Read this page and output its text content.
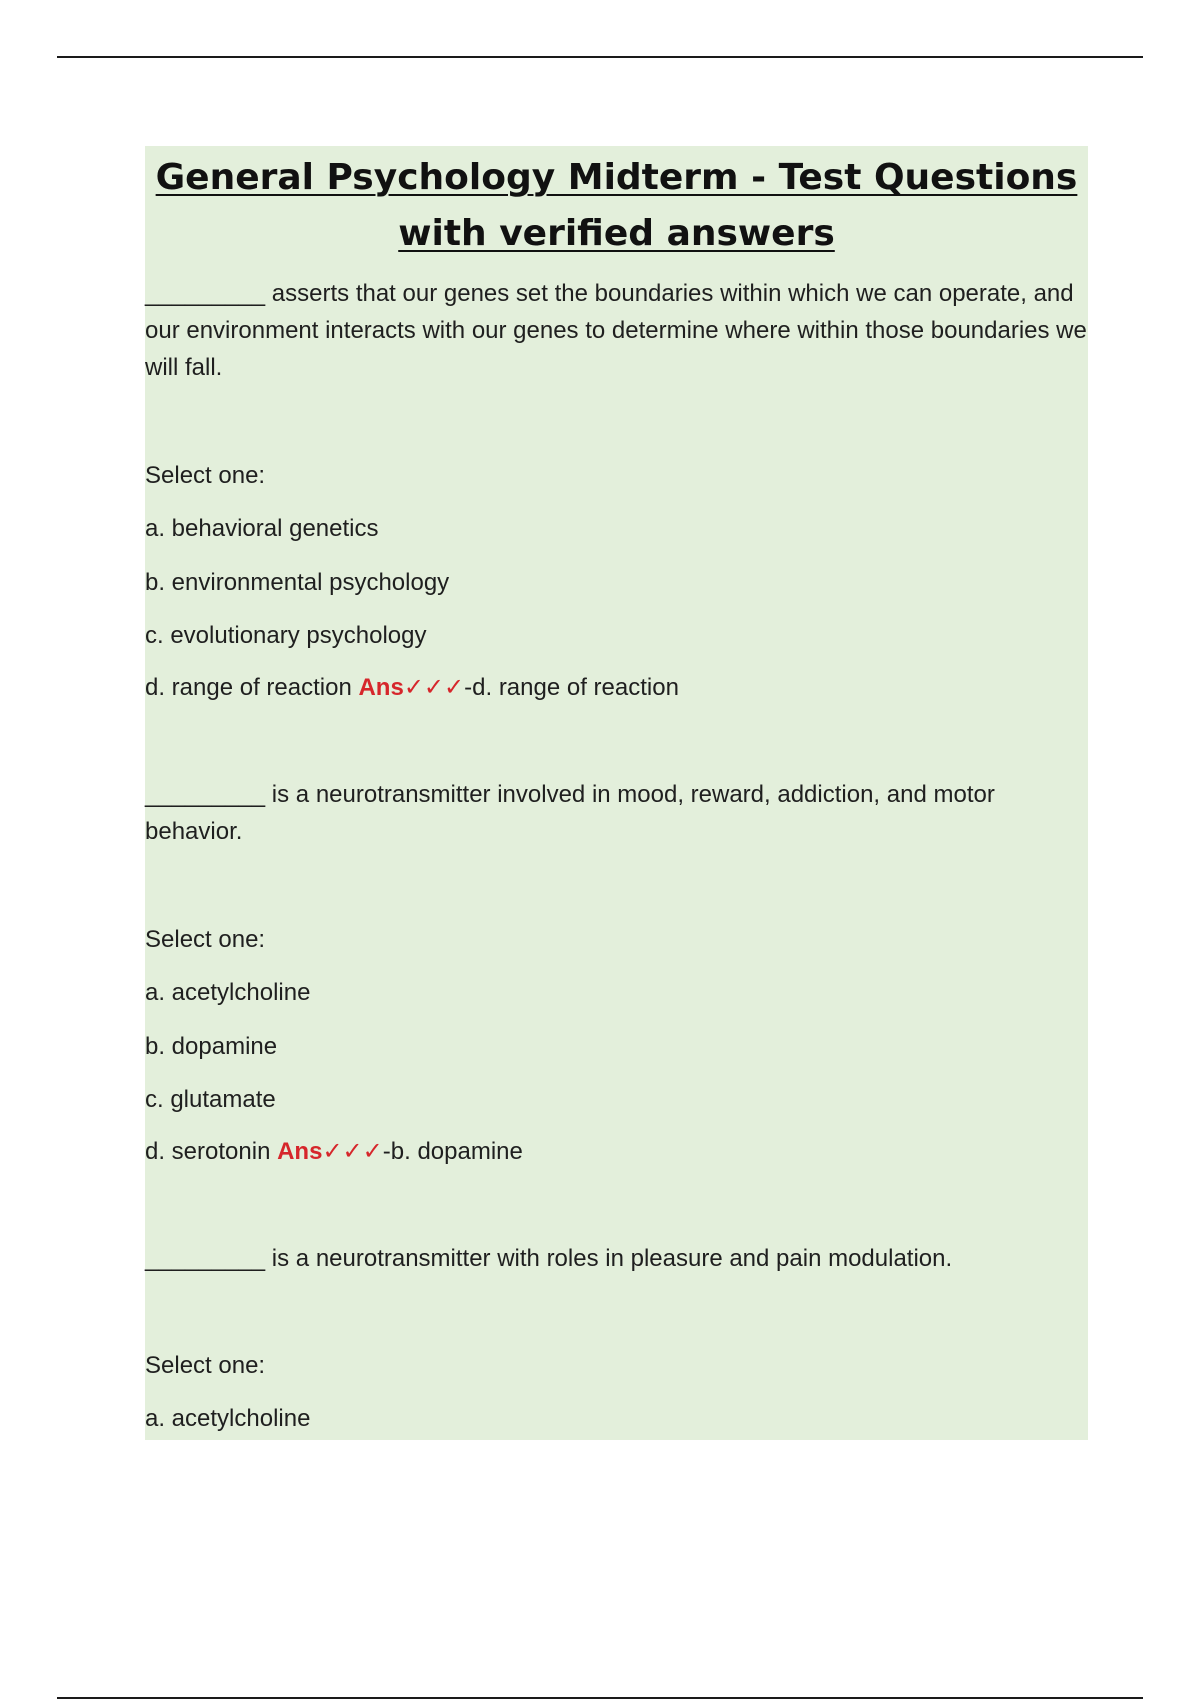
General Psychology Midterm - Test Questions with verified answers

_________ asserts that our genes set the boundaries within which we can operate, and our environment interacts with our genes to determine where within those boundaries we will fall.

Select one:
a. behavioral genetics
b. environmental psychology
c. evolutionary psychology
d. range of reaction Ans✓✓✓-d. range of reaction

_________ is a neurotransmitter involved in mood, reward, addiction, and motor behavior.

Select one:
a. acetylcholine
b. dopamine
c. glutamate
d. serotonin Ans✓✓✓-b. dopamine
_________ is a neurotransmitter with roles in pleasure and pain modulation.
Select one:
a. acetylcholine
